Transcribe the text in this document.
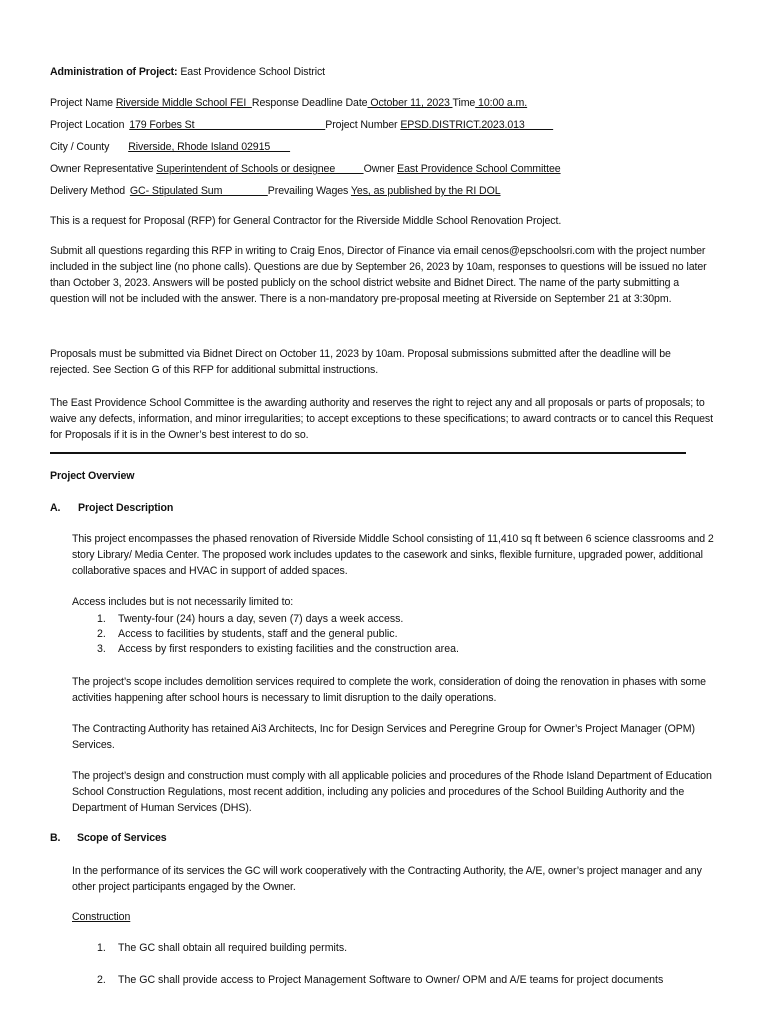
Administration of Project: East Providence School District
Project Name Riverside Middle School FEI  Response Deadline Date October 11, 2023 Time 10:00 a.m.
Project Location 179 Forbes St                                              Project Number EPSD.DISTRICT.2023.013
City / County Riverside, Rhode Island 02915
Owner Representative Superintendent of Schools or designee          Owner East Providence School Committee
Delivery Method GC- Stipulated Sum                Prevailing Wages Yes, as published by the RI DOL
This is a request for Proposal (RFP) for General Contractor for the Riverside Middle School Renovation Project.
Submit all questions regarding this RFP in writing to Craig Enos, Director of Finance via email cenos@epschoolsri.com with the project number included in the subject line (no phone calls). Questions are due by September 26, 2023 by 10am, responses to questions will be issued no later than October 3, 2023. Answers will be posted publicly on the school district website and Bidnet Direct. The name of the party submitting a question will not be included with the answer. There is a non-mandatory pre-proposal meeting at Riverside on September 21 at 3:30pm.
Proposals must be submitted via Bidnet Direct on October 11, 2023 by 10am. Proposal submissions submitted after the deadline will be rejected. See Section G of this RFP for additional submittal instructions.
The East Providence School Committee is the awarding authority and reserves the right to reject any and all proposals or parts of proposals; to waive any defects, information, and minor irregularities; to accept exceptions to these specifications; to award contracts or to cancel this Request for Proposals if it is in the Owner’s best interest to do so.
Project Overview
A. Project Description
This project encompasses the phased renovation of Riverside Middle School consisting of 11,410 sq ft between 6 science classrooms and 2 story Library/ Media Center. The proposed work includes updates to the casework and sinks, flexible furniture, upgraded power, additional collaborative spaces and HVAC in support of added spaces.
Access includes but is not necessarily limited to:
1. Twenty-four (24) hours a day, seven (7) days a week access.
2. Access to facilities by students, staff and the general public.
3. Access by first responders to existing facilities and the construction area.
The project’s scope includes demolition services required to complete the work, consideration of doing the renovation in phases with some activities happening after school hours is necessary to limit disruption to the daily operations.
The Contracting Authority has retained Ai3 Architects, Inc for Design Services and Peregrine Group for Owner’s Project Manager (OPM) Services.
The project’s design and construction must comply with all applicable policies and procedures of the Rhode Island Department of Education School Construction Regulations, most recent addition, including any policies and procedures of the School Building Authority and the Department of Human Services (DHS).
B. Scope of Services
In the performance of its services the GC will work cooperatively with the Contracting Authority, the A/E, owner’s project manager and any other project participants engaged by the Owner.
Construction
1. The GC shall obtain all required building permits.
2. The GC shall provide access to Project Management Software to Owner/ OPM and A/E teams for project documents
